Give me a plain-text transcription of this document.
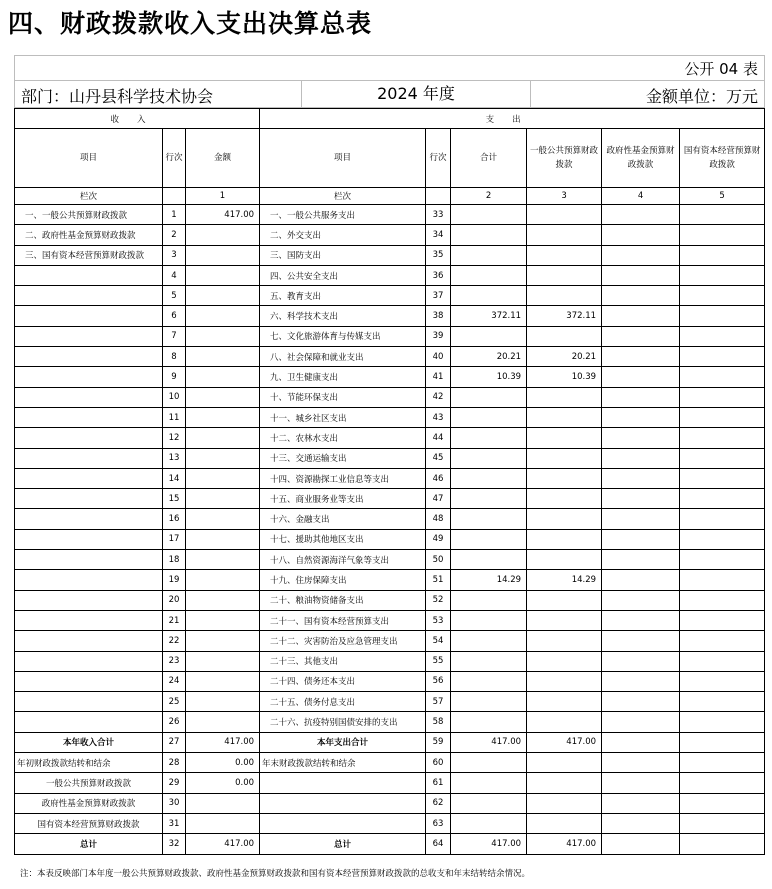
四、财政拨款收入支出决算总表
公开 04 表
部门：山丹县科学技术协会	2024 年度	金额单位：万元
收入			支出					
项目	行次	金额	项目	行次	合计	一般公共预算财政拨款	政府性基金预算财政拨款	国有资本经营预算财政拨款
栏次		1	栏次		2	3	4	5
一、一般公共预算财政拨款	1	417.00	一、一般公共服务支出	33				
二、政府性基金预算财政拨款	2		二、外交支出	34				
三、国有资本经营预算财政拨款	3		三、国防支出	35				
	4		四、公共安全支出	36				
	5		五、教育支出	37				
	6		六、科学技术支出	38	372.11	372.11		
	7		七、文化旅游体育与传媒支出	39				
	8		八、社会保障和就业支出	40	20.21	20.21		
	9		九、卫生健康支出	41	10.39	10.39		
	10		十、节能环保支出	42				
	11		十一、城乡社区支出	43				
	12		十二、农林水支出	44				
	13		十三、交通运输支出	45				
	14		十四、资源勘探工业信息等支出	46				
	15		十五、商业服务业等支出	47				
	16		十六、金融支出	48				
	17		十七、援助其他地区支出	49				
	18		十八、自然资源海洋气象等支出	50				
	19		十九、住房保障支出	51	14.29	14.29		
	20		二十、粮油物资储备支出	52				
	21		二十一、国有资本经营预算支出	53				
	22		二十二、灾害防治及应急管理支出	54				
	23		二十三、其他支出	55				
	24		二十四、债务还本支出	56				
	25		二十五、债务付息支出	57				
	26		二十六、抗疫特别国债安排的支出	58				
本年收入合计	27	417.00	本年支出合计	59	417.00	417.00		
年初财政拨款结转和结余	28	0.00	年末财政拨款结转和结余	60				
一般公共预算财政拨款	29	0.00		61				
政府性基金预算财政拨款	30			62				
国有资本经营预算财政拨款	31			63				
总计	32	417.00	总计	64	417.00	417.00		
注：本表反映部门本年度一般公共预算财政拨款、政府性基金预算财政拨款和国有资本经营预算财政拨款的总收支和年末结转结余情况。
